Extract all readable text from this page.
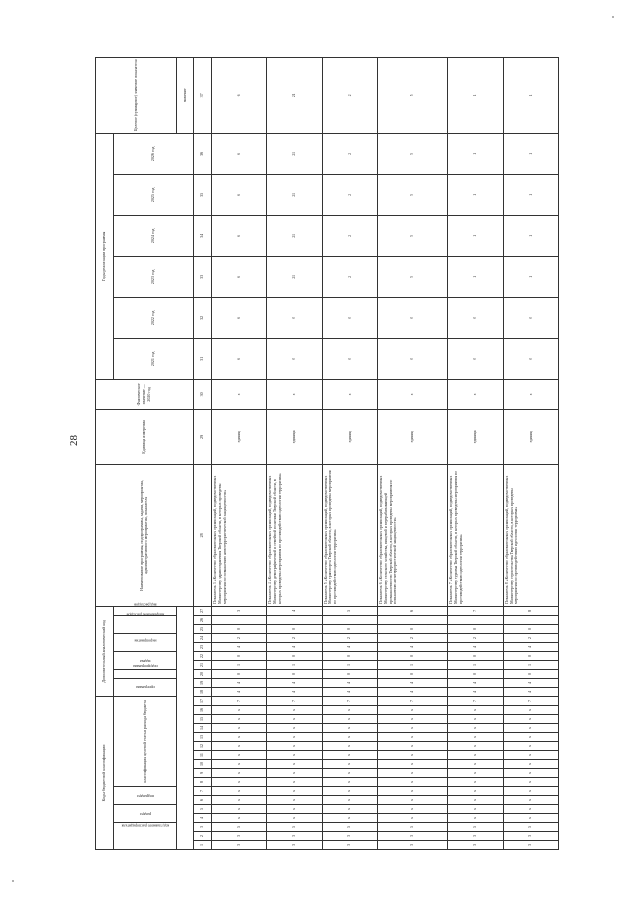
28
Коды бюджетной классификации																	Дополнительный аналитический код										Наименование программы, подпрограммы, задачи, мероприятия, административного мероприятия, показателя	Единица измерения	Фактическое значение — 2020 год	Годы реализации программы						Целевое (суммарное) значение показателя
код главного распорядителя			раздел		подраздел		классификация целевой статьи расхода бюджета										программа		подпрограмма	задача		мероприятие		направление расходов		вид расходов				2021 год	2022 год	2023 год	2024 год	2025 год	2026 год	
																																				значение
1	2	3	4	5	6	7	8	9	10	11	12	13	14	15	16	17	18	19	20	21	22	23	24	25	26	27	28	29	30	31	32	33	34	35	36	37
3	3	5	х	х	х	х	х	х	х	х	х	х	х	х	х	7	4	4	0	1	0	4	2	0		3	Показатель 3 «Количество образовательных организаций, подведомственных Министерству здравоохранения Тверской области, в которых проведены мероприятия по повышению антитеррористической защищенности»	единиц	х	6	6	6	6	6	6	6
3	3	5	х	х	х	х	х	х	х	х	х	х	х	х	х	7	4	4	0	1	0	4	2	0		4	Показатель 4 «Количество образовательных организаций, подведомственных Министерству демографической и семейной политики Тверской области, в которых проведены мероприятия по противодействию идеологии терроризма»	единица	х	0	0	21	21	21	21	21
3	3	5	х	х	х	х	х	х	х	х	х	х	х	х	х	7	4	4	0	1	0	4	2	0		5	Показатель 5 «Количество образовательных организаций, подведомственных Министерству транспорта Тверской области, в которых проведены мероприятия по противодействию идеологии терроризма»	единиц	х	0	0	2	2	2	2	2
3	3	5	х	х	х	х	х	х	х	х	х	х	х	х	х	7	4	4	0	1	0	4	2	0		6	Показатель 6 «Количество образовательных организаций, подведомственных Министерству сельского хозяйства, пищевой и перерабатывающей промышленности Тверской области, в которых проведены мероприятия по повышению антитеррористической защищенности»	единиц	х	0	0	5	5	5	5	5
3	3	5	х	х	х	х	х	х	х	х	х	х	х	х	х	7	4	4	0	1	0	4	2	0		7	Показатель 7 «Количество образовательных организаций, подведомственных Министерству туризма Тверской области, в которых проведены мероприятия по противодействию идеологии терроризма»	единица	х	0	0	1	1	1	1	1
3	3	5	х	х	х	х	х	х	х	х	х	х	х	х	х	7	4	4	0	1	0	4	2	0		8	Показатель 8 «Количество образовательных организаций, подведомственных Министерству строительства Тверской области, в которых проведены мероприятия по противодействию идеологии терроризма»	единиц	х	0	0	1	1	1	1	1
